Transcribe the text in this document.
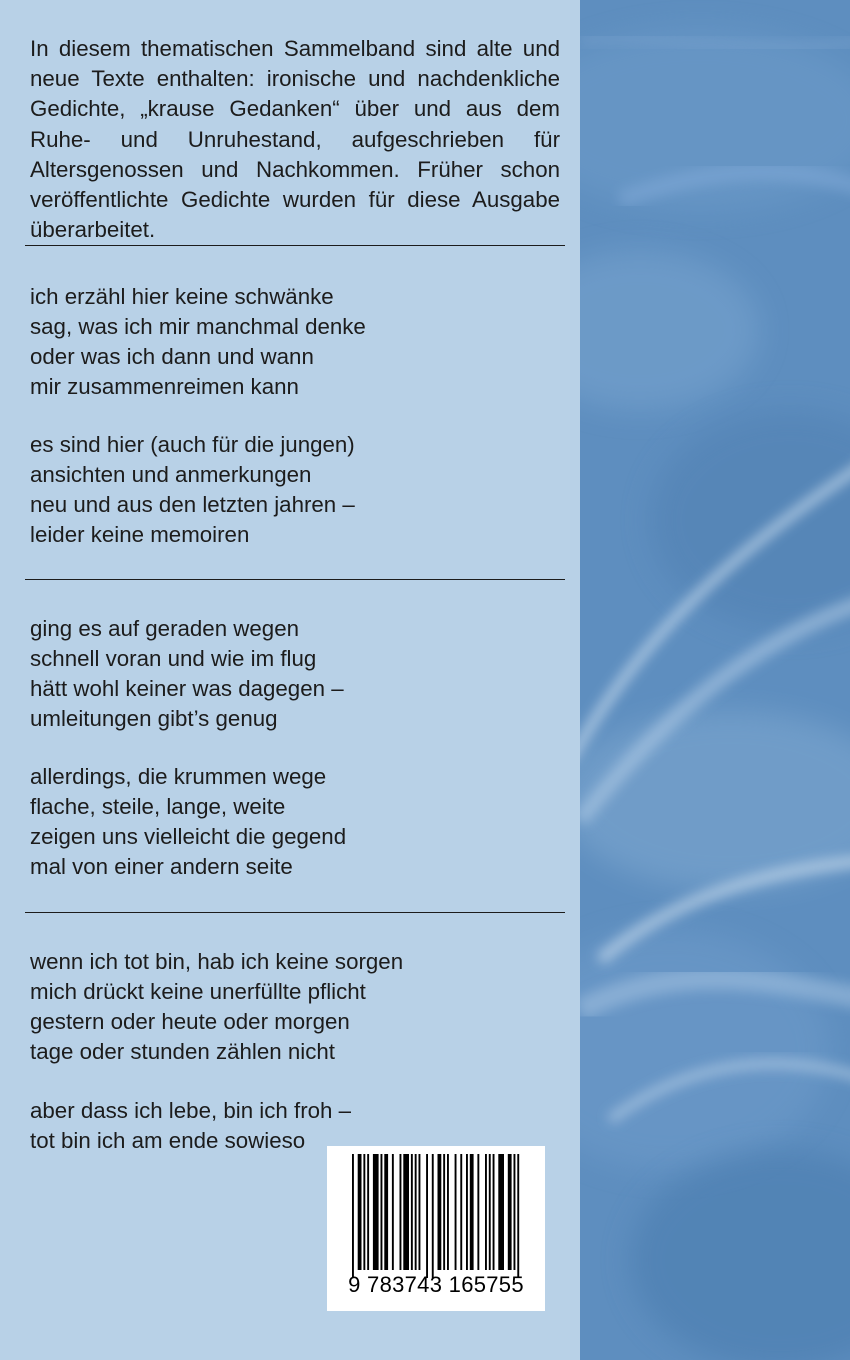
In diesem thematischen Sammelband sind alte und neue Texte enthalten: ironische und nachdenkliche Gedichte, „krause Gedanken“ über und aus dem Ruhe- und Unruhestand, aufgeschrieben für Altersgenossen und Nachkommen. Früher schon veröffentlichte Gedichte wurden für diese Ausgabe überarbeitet.

ich erzähl hier keine schwänke
sag, was ich mir manchmal denke
oder was ich dann und wann
mir zusammenreimen kann

es sind hier (auch für die jungen)
ansichten und anmerkungen
neu und aus den letzten jahren –
leider keine memoiren

ging es auf geraden wegen
schnell voran und wie im flug
hätt wohl keiner was dagegen –
umleitungen gibt’s genug

allerdings, die krummen wege
flache, steile, lange, weite
zeigen uns vielleicht die gegend
mal von einer andern seite

wenn ich tot bin, hab ich keine sorgen
mich drückt keine unerfüllte pflicht
gestern oder heute oder morgen
tage oder stunden zählen nicht

aber dass ich lebe, bin ich froh –
tot bin ich am ende sowieso

9 783743 165755
